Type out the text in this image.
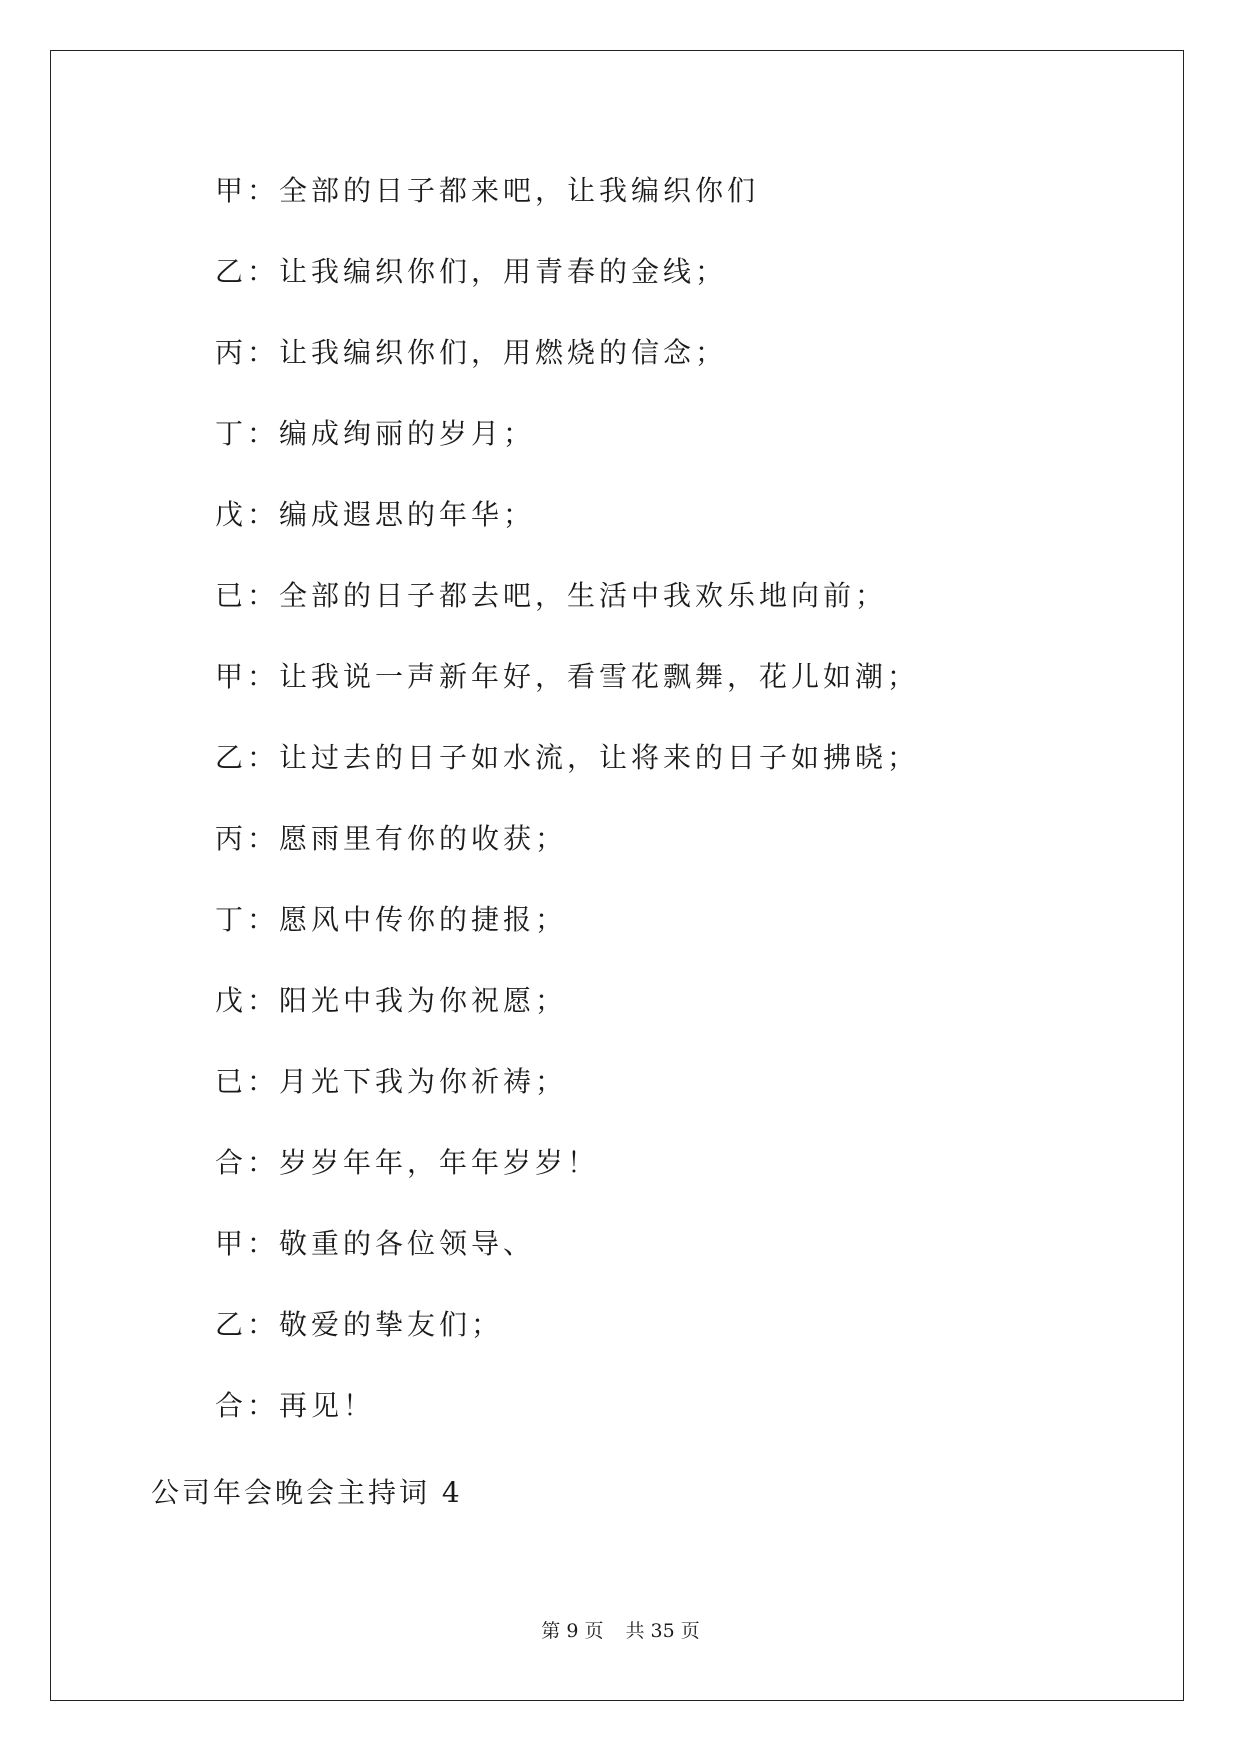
甲：全部的日子都来吧，让我编织你们
乙：让我编织你们，用青春的金线；
丙：让我编织你们，用燃烧的信念；
丁：编成绚丽的岁月；
戊：编成遐思的年华；
已：全部的日子都去吧，生活中我欢乐地向前；
甲：让我说一声新年好，看雪花飘舞，花儿如潮；
乙：让过去的日子如水流，让将来的日子如拂晓；
丙：愿雨里有你的收获；
丁：愿风中传你的捷报；
戊：阳光中我为你祝愿；
已：月光下我为你祈祷；
合：岁岁年年，年年岁岁！
甲：敬重的各位领导、
乙：敬爱的挚友们；
合：再见！
公司年会晚会主持词 4
第 9 页 共 35 页
